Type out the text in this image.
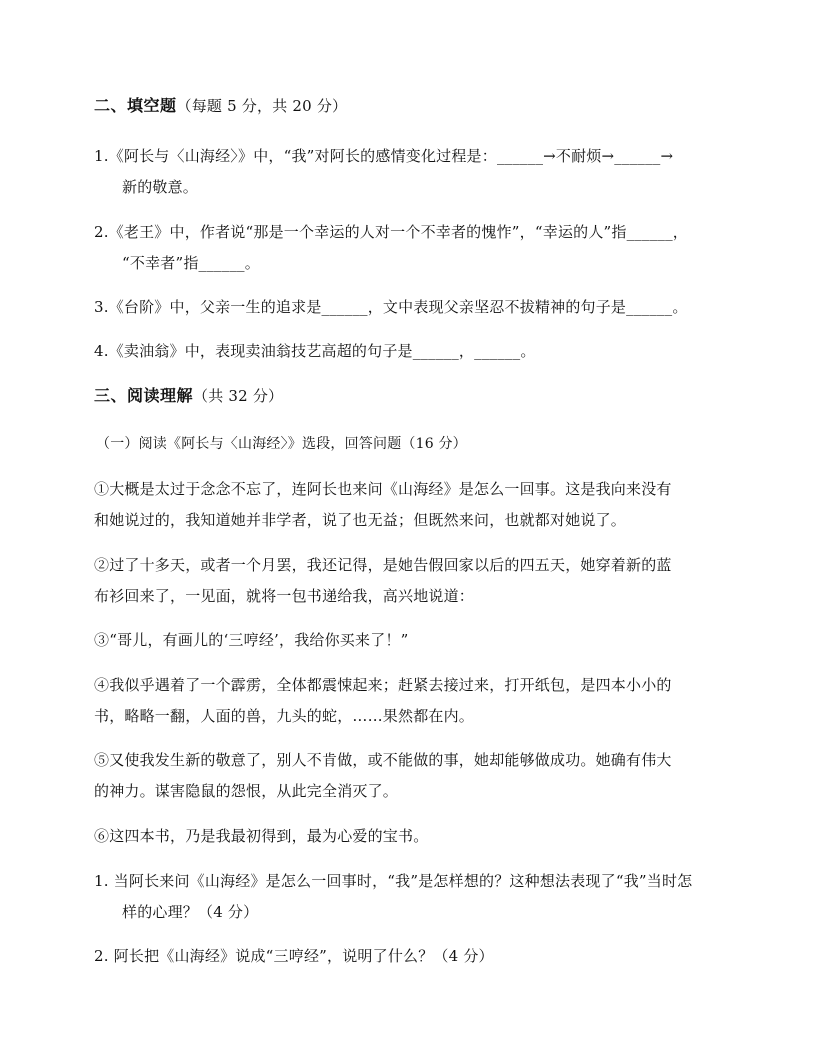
二、填空题（每题 5 分，共 20 分）
1.《阿长与〈山海经〉》中，“我”对阿长的感情变化过程是：______→不耐烦→______→
新的敬意。
2.《老王》中，作者说“那是一个幸运的人对一个不幸者的愧怍”，“幸运的人”指______，
“不幸者”指______。
3.《台阶》中，父亲一生的追求是______，文中表现父亲坚忍不拔精神的句子是______。
4.《卖油翁》中，表现卖油翁技艺高超的句子是______，______。
三、阅读理解（共 32 分）
（一）阅读《阿长与〈山海经〉》选段，回答问题（16 分）
①大概是太过于念念不忘了，连阿长也来问《山海经》是怎么一回事。这是我向来没有
和她说过的，我知道她并非学者，说了也无益；但既然来问，也就都对她说了。
②过了十多天，或者一个月罢，我还记得，是她告假回家以后的四五天，她穿着新的蓝
布衫回来了，一见面，就将一包书递给我，高兴地说道：
③“哥儿，有画儿的‘三哼经’，我给你买来了！”
④我似乎遇着了一个霹雳，全体都震悚起来；赶紧去接过来，打开纸包，是四本小小的
书，略略一翻，人面的兽，九头的蛇，……果然都在内。
⑤又使我发生新的敬意了，别人不肯做，或不能做的事，她却能够做成功。她确有伟大
的神力。谋害隐鼠的怨恨，从此完全消灭了。
⑥这四本书，乃是我最初得到，最为心爱的宝书。
1. 当阿长来问《山海经》是怎么一回事时，“我”是怎样想的？这种想法表现了“我”当时怎
样的心理？（4 分）
2. 阿长把《山海经》说成“三哼经”，说明了什么？（4 分）
